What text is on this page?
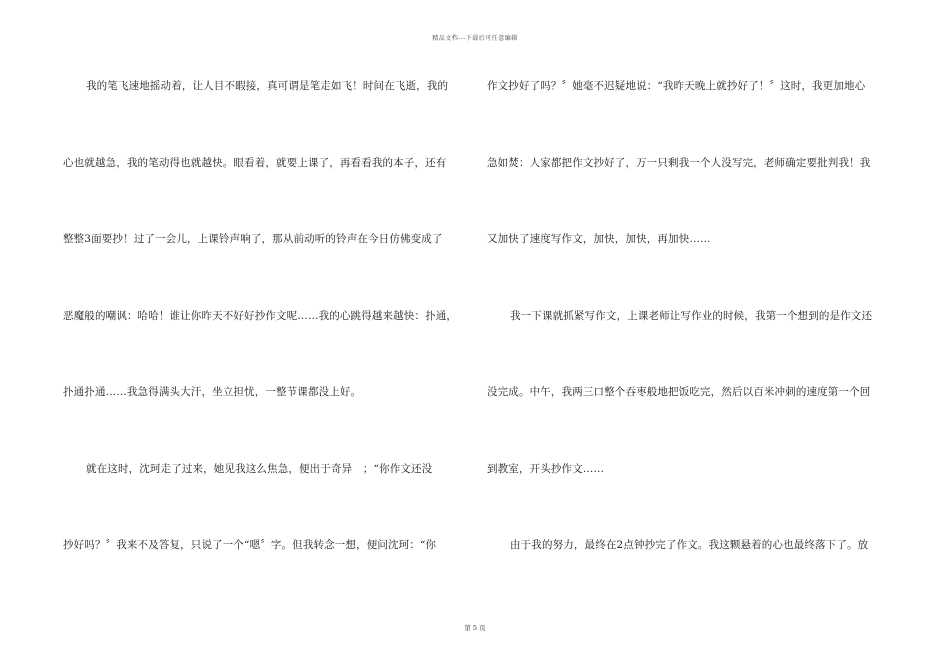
精品文档---下载后可任意编辑
我的笔飞速地摇动着，让人目不暇接，真可谓是笔走如飞！时间在飞逝，我的
心也就越急，我的笔动得也就越快。眼看着，就要上课了，再看看我的本子，还有
整整3面要抄！过了一会儿，上课铃声响了，那从前动听的铃声在今日仿佛变成了
恶魔般的嘲讽：哈哈！谁让你昨天不好好抄作文呢……我的心跳得越来越快：扑通，
扑通扑通……我急得满头大汗，坐立担忧，一整节课都没上好。
就在这时，沈珂走了过来，她见我这么焦急，便出于奇异　；“你作文还没
抄好吗？〞我来不及答复，只说了一个“嗯〞字。但我转念一想，便问沈珂：“你
作文抄好了吗？〞她毫不迟疑地说：“我昨天晚上就抄好了！〞这时，我更加地心
急如焚：人家都把作文抄好了，万一只剩我一个人没写完，老师确定要批判我！我
又加快了速度写作文，加快，加快，再加快……
我一下课就抓紧写作文，上课老师让写作业的时候，我第一个想到的是作文还
没完成。中午，我两三口整个吞枣般地把饭吃完，然后以百米冲刺的速度第一个回
到教室，开头抄作文……
由于我的努力，最终在2点钟抄完了作文。我这颗悬着的心也最终落下了。放
第 5 页
